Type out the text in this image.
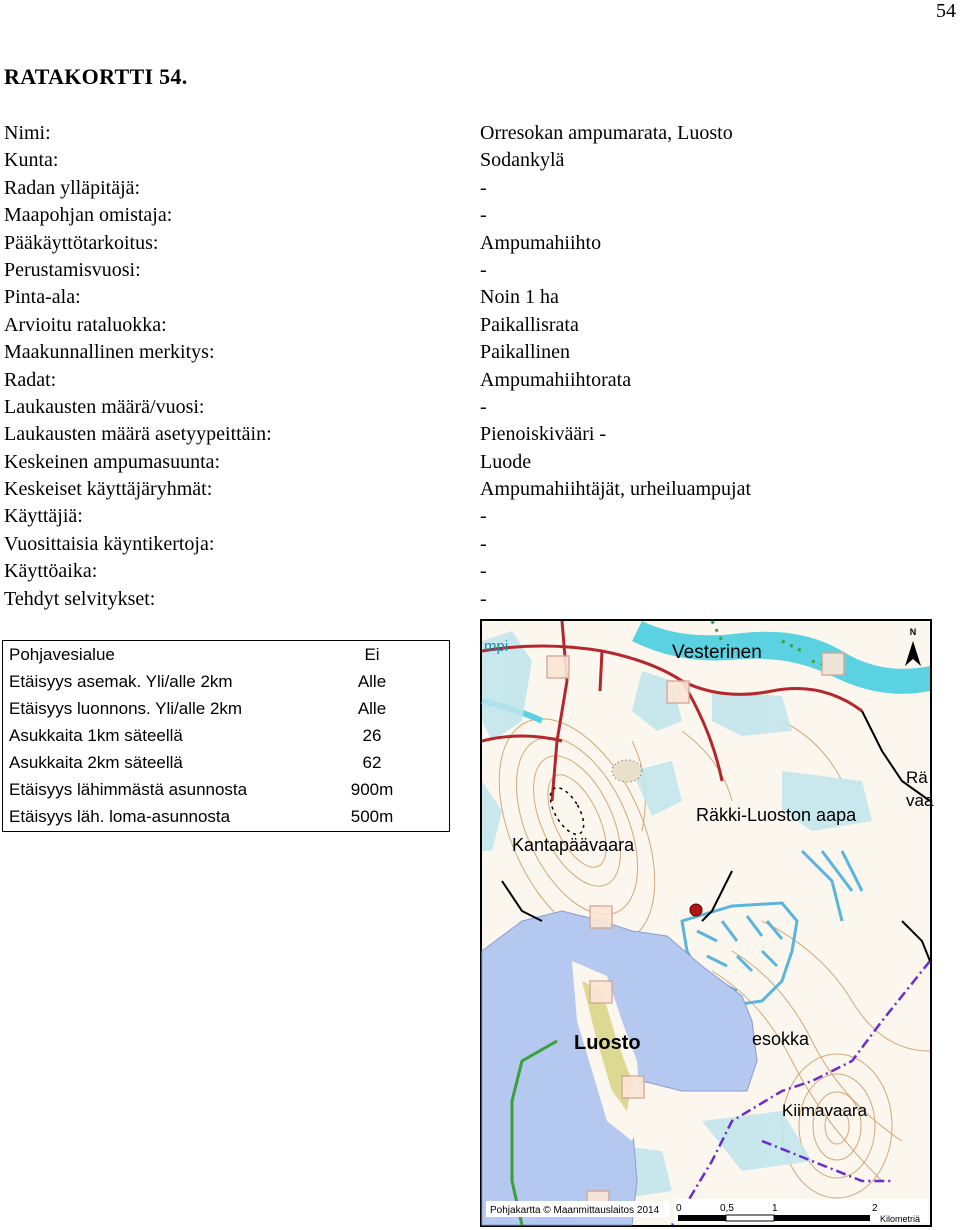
54
RATAKORTTI 54.
Nimi:	Orresokan ampumarata, Luosto
Kunta:	Sodankylä
Radan ylläpitäjä:	-
Maapohjan omistaja:	-
Pääkäyttötarkoitus:	Ampumahiihto
Perustamisvuosi:	-
Pinta-ala:	Noin 1 ha
Arvioitu rataluokka:	Paikallisrata
Maakunnallinen merkitys:	Paikallinen
Radat:	Ampumahiihtorata
Laukausten määrä/vuosi:	-
Laukausten määrä asetyypeittäin:	Pienoiskivääri -
Keskeinen ampumasuunta:	Luode
Keskeiset käyttäjäryhmät:	Ampumahiihtäjät, urheiluampujat
Käyttäjiä:	-
Vuosittaisia käyntikertoja:	-
Käyttöaika:	-
Tehdyt selvitykset:	-
Pohjavesialue	Ei
Etäisyys asemak. Yli/alle 2km	Alle
Etäisyys luonnons. Yli/alle 2km	Alle
Asukkaita 1km säteellä	26
Asukkaita 2km säteellä	62
Etäisyys lähimmästä asunnosta	900m
Etäisyys läh. loma-asunnosta	500m
N
Vesterinen
Räkki-Luoston aapa
Kantapäävaara
Luosto	esokka
Kiimavaara
Rä
vaa
mpi
Pohjakartta © Maanmittauslaitos 2014 0	0,5	1	2
Kilometriä
